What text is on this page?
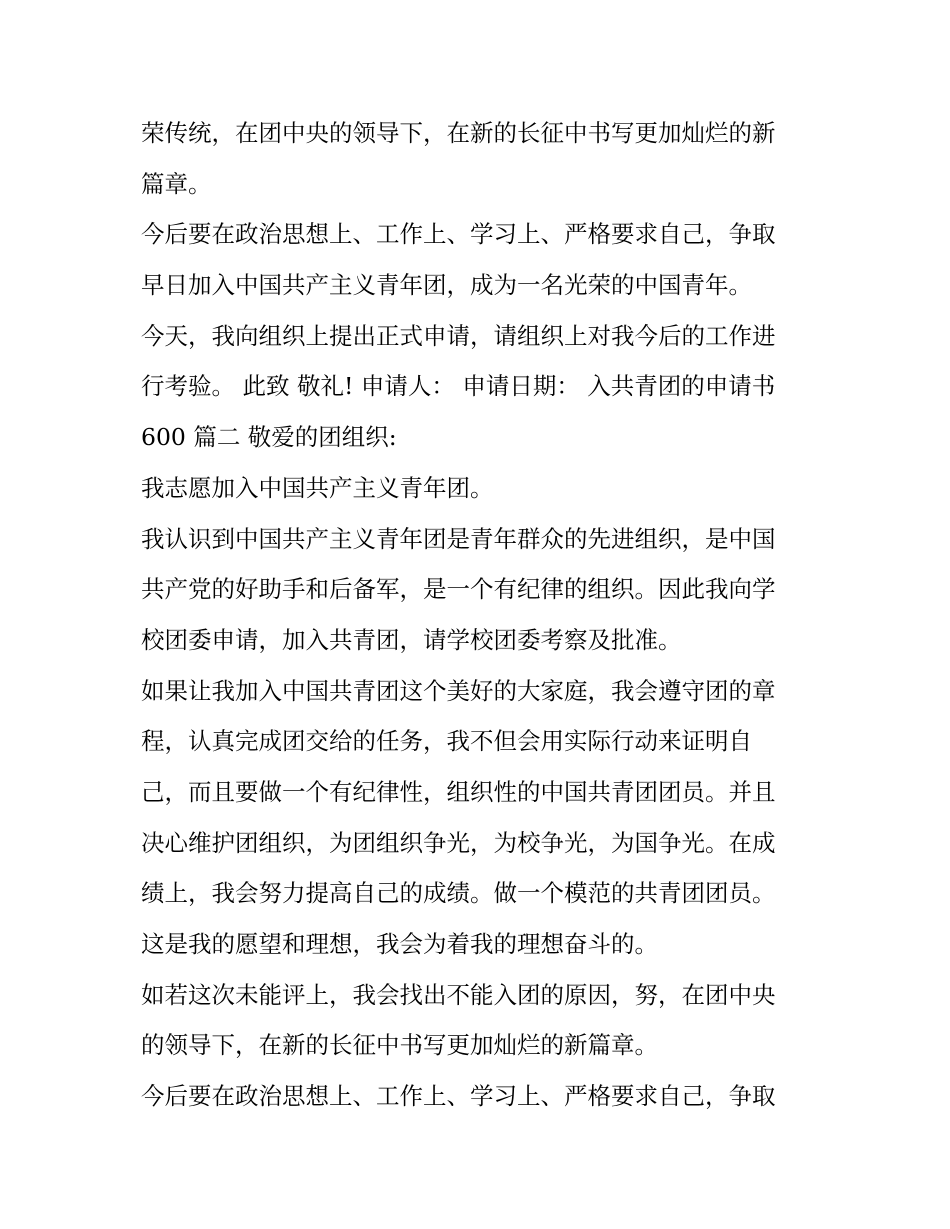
荣传统，在团中央的领导下，在新的长征中书写更加灿烂的新
篇章。
今后要在政治思想上、工作上、学习上、严格要求自己，争取
早日加入中国共产主义青年团，成为一名光荣的中国青年。
今天，我向组织上提出正式申请，请组织上对我今后的工作进
行考验。 此致 敬礼! 申请人： 申请日期： 入共青团的申请书
600 篇二 敬爱的团组织:
我志愿加入中国共产主义青年团。
我认识到中国共产主义青年团是青年群众的先进组织，是中国
共产党的好助手和后备军，是一个有纪律的组织。因此我向学
校团委申请，加入共青团，请学校团委考察及批准。
如果让我加入中国共青团这个美好的大家庭，我会遵守团的章
程，认真完成团交给的任务，我不但会用实际行动来证明自
己，而且要做一个有纪律性，组织性的中国共青团团员。并且
决心维护团组织，为团组织争光，为校争光，为国争光。在成
绩上，我会努力提高自己的成绩。做一个模范的共青团团员。
这是我的愿望和理想，我会为着我的理想奋斗的。
如若这次未能评上，我会找出不能入团的原因，努，在团中央
的领导下，在新的长征中书写更加灿烂的新篇章。
今后要在政治思想上、工作上、学习上、严格要求自己，争取
